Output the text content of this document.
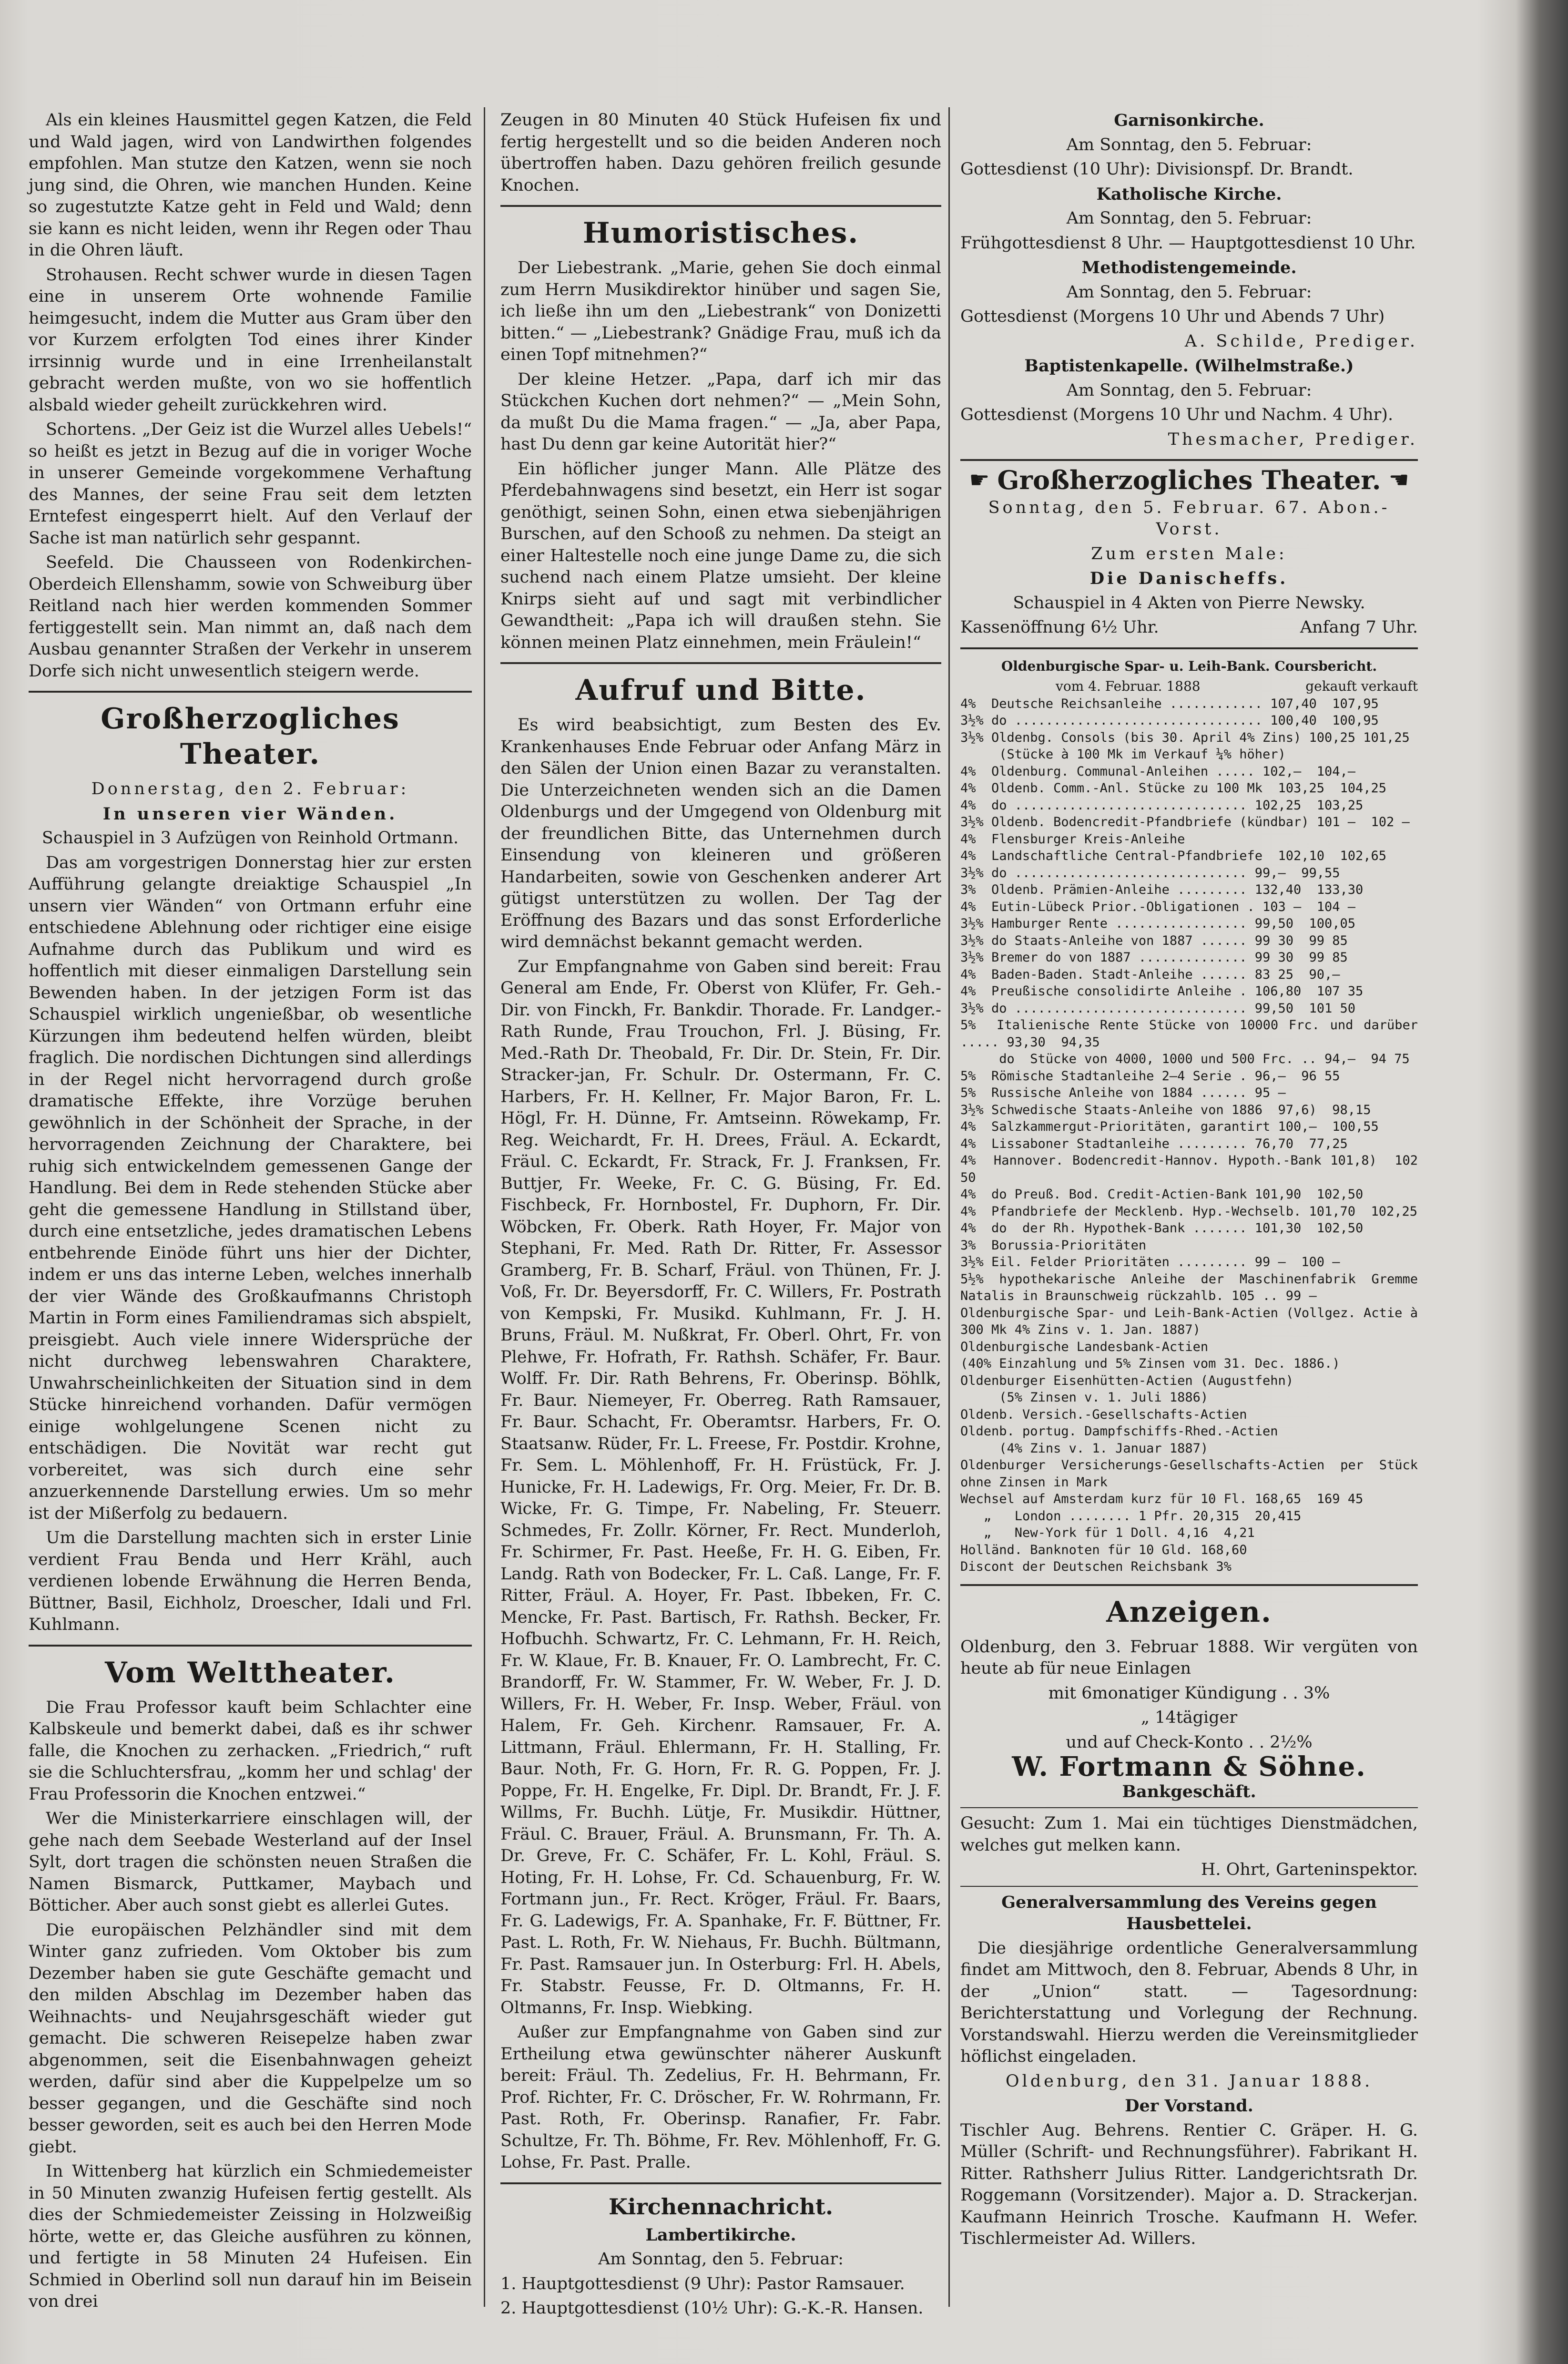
Als ein kleines Hausmittel gegen Katzen, die Feld und Wald jagen, wird von Landwirthen folgendes empfohlen. Man stutze den Katzen, wenn sie noch jung sind, die Ohren, wie manchen Hunden. Keine so zugestutzte Katze geht in Feld und Wald; denn sie kann es nicht leiden, wenn ihr Regen oder Thau in die Ohren läuft.

Strohausen. Recht schwer wurde in diesen Tagen eine in unserem Orte wohnende Familie heimgesucht, indem die Mutter aus Gram über den vor Kurzem erfolgten Tod eines ihrer Kinder irrsinnig wurde und in eine Irrenheilanstalt gebracht werden mußte, von wo sie hoffentlich alsbald wieder geheilt zurückkehren wird.

Schortens. „Der Geiz ist die Wurzel alles Uebels!“ so heißt es jetzt in Bezug auf die in voriger Woche in unserer Gemeinde vorgekommene Verhaftung des Mannes, der seine Frau seit dem letzten Erntefest eingesperrt hielt. Auf den Verlauf der Sache ist man natürlich sehr gespannt.

Seefeld. Die Chausseen von Rodenkirchen-Oberdeich Ellenshamm, sowie von Schweiburg über Reitland nach hier werden kommenden Sommer fertiggestellt sein. Man nimmt an, daß nach dem Ausbau genannter Straßen der Verkehr in unserem Dorfe sich nicht unwesentlich steigern werde.

Großherzogliches Theater.

Donnerstag, den 2. Februar:

In unseren vier Wänden.

Schauspiel in 3 Aufzügen von Reinhold Ortmann.

Das am vorgestrigen Donnerstag hier zur ersten Aufführung gelangte dreiaktige Schauspiel „In unsern vier Wänden“ von Ortmann erfuhr eine entschiedene Ablehnung oder richtiger eine eisige Aufnahme durch das Publikum und wird es hoffentlich mit dieser einmaligen Darstellung sein Bewenden haben. In der jetzigen Form ist das Schauspiel wirklich ungenießbar, ob wesentliche Kürzungen ihm bedeutend helfen würden, bleibt fraglich. Die nordischen Dichtungen sind allerdings in der Regel nicht hervorragend durch große dramatische Effekte, ihre Vorzüge beruhen gewöhnlich in der Schönheit der Sprache, in der hervorragenden Zeichnung der Charaktere, bei ruhig sich entwickelndem gemessenen Gange der Handlung. Bei dem in Rede stehenden Stücke aber geht die gemessene Handlung in Stillstand über, durch eine entsetzliche, jedes dramatischen Lebens entbehrende Einöde führt uns hier der Dichter, indem er uns das interne Leben, welches innerhalb der vier Wände des Großkaufmanns Christoph Martin in Form eines Familiendramas sich abspielt, preisgiebt. Auch viele innere Widersprüche der nicht durchweg lebenswahren Charaktere, Unwahrscheinlichkeiten der Situation sind in dem Stücke hinreichend vorhanden. Dafür vermögen einige wohlgelungene Scenen nicht zu entschädigen. Die Novität war recht gut vorbereitet, was sich durch eine sehr anzuerkennende Darstellung erwies. Um so mehr ist der Mißerfolg zu bedauern.

Um die Darstellung machten sich in erster Linie verdient Frau Benda und Herr Krähl, auch verdienen lobende Erwähnung die Herren Benda, Büttner, Basil, Eichholz, Droescher, Idali und Frl. Kuhlmann.

Vom Welttheater.

Die Frau Professor kauft beim Schlachter eine Kalbskeule und bemerkt dabei, daß es ihr schwer falle, die Knochen zu zerhacken. „Friedrich,“ ruft sie die Schluchtersfrau, „komm her und schlag' der Frau Professorin die Knochen entzwei.“

Wer die Ministerkarriere einschlagen will, der gehe nach dem Seebade Westerland auf der Insel Sylt, dort tragen die schönsten neuen Straßen die Namen Bismarck, Puttkamer, Maybach und Bötticher. Aber auch sonst giebt es allerlei Gutes.

Die europäischen Pelzhändler sind mit dem Winter ganz zufrieden. Vom Oktober bis zum Dezember haben sie gute Geschäfte gemacht und den milden Abschlag im Dezember haben das Weihnachts- und Neujahrsgeschäft wieder gut gemacht. Die schweren Reisepelze haben zwar abgenommen, seit die Eisenbahnwagen geheizt werden, dafür sind aber die Kuppelpelze um so besser gegangen, und die Geschäfte sind noch besser geworden, seit es auch bei den Herren Mode giebt.

In Wittenberg hat kürzlich ein Schmiedemeister in 50 Minuten zwanzig Hufeisen fertig gestellt. Als dies der Schmiedemeister Zeissing in Holzweißig hörte, wette er, das Gleiche ausführen zu können, und fertigte in 58 Minuten 24 Hufeisen. Ein Schmied in Oberlind soll nun darauf hin im Beisein von drei

Zeugen in 80 Minuten 40 Stück Hufeisen fix und fertig hergestellt und so die beiden Anderen noch übertroffen haben. Dazu gehören freilich gesunde Knochen.

Humoristisches.

Der Liebestrank. „Marie, gehen Sie doch einmal zum Herrn Musikdirektor hinüber und sagen Sie, ich ließe ihn um den „Liebestrank“ von Donizetti bitten.“ — „Liebestrank? Gnädige Frau, muß ich da einen Topf mitnehmen?“

Der kleine Hetzer. „Papa, darf ich mir das Stückchen Kuchen dort nehmen?“ — „Mein Sohn, da mußt Du die Mama fragen.“ — „Ja, aber Papa, hast Du denn gar keine Autorität hier?“

Ein höflicher junger Mann. Alle Plätze des Pferdebahnwagens sind besetzt, ein Herr ist sogar genöthigt, seinen Sohn, einen etwa siebenjährigen Burschen, auf den Schooß zu nehmen. Da steigt an einer Haltestelle noch eine junge Dame zu, die sich suchend nach einem Platze umsieht. Der kleine Knirps sieht auf und sagt mit verbindlicher Gewandtheit: „Papa ich will draußen stehn. Sie können meinen Platz einnehmen, mein Fräulein!“

Aufruf und Bitte.

Es wird beabsichtigt, zum Besten des Ev. Krankenhauses Ende Februar oder Anfang März in den Sälen der Union einen Bazar zu veranstalten. Die Unterzeichneten wenden sich an die Damen Oldenburgs und der Umgegend von Oldenburg mit der freundlichen Bitte, das Unternehmen durch Einsendung von kleineren und größeren Handarbeiten, sowie von Geschenken anderer Art gütigst unterstützen zu wollen. Der Tag der Eröffnung des Bazars und das sonst Erforderliche wird demnächst bekannt gemacht werden.

Zur Empfangnahme von Gaben sind bereit: Frau General am Ende, Fr. Oberst von Klüfer, Fr. Geh.-Dir. von Finckh, Fr. Bankdir. Thorade. Fr. Landger.-Rath Runde, Frau Trouchon, Frl. J. Büsing, Fr. Med.-Rath Dr. Theobald, Fr. Dir. Dr. Stein, Fr. Dir. Stracker-jan, Fr. Schulr. Dr. Ostermann, Fr. C. Harbers, Fr. H. Kellner, Fr. Major Baron, Fr. L. Högl, Fr. H. Dünne, Fr. Amtseinn. Röwekamp, Fr. Reg. Weichardt, Fr. H. Drees, Fräul. A. Eckardt, Fräul. C. Eckardt, Fr. Strack, Fr. J. Franksen, Fr. Buttjer, Fr. Weeke, Fr. C. G. Büsing, Fr. Ed. Fischbeck, Fr. Hornbostel, Fr. Duphorn, Fr. Dir. Wöbcken, Fr. Oberk. Rath Hoyer, Fr. Major von Stephani, Fr. Med. Rath Dr. Ritter, Fr. Assessor Gramberg, Fr. B. Scharf, Fräul. von Thünen, Fr. J. Voß, Fr. Dr. Beyersdorff, Fr. C. Willers, Fr. Postrath von Kempski, Fr. Musikd. Kuhlmann, Fr. J. H. Bruns, Fräul. M. Nußkrat, Fr. Oberl. Ohrt, Fr. von Plehwe, Fr. Hofrath, Fr. Rathsh. Schäfer, Fr. Baur. Wolff. Fr. Dir. Rath Behrens, Fr. Oberinsp. Böhlk, Fr. Baur. Niemeyer, Fr. Oberreg. Rath Ramsauer, Fr. Baur. Schacht, Fr. Oberamtsr. Harbers, Fr. O. Staatsanw. Rüder, Fr. L. Freese, Fr. Postdir. Krohne, Fr. Sem. L. Möhlenhoff, Fr. H. Früstück, Fr. J. Hunicke, Fr. H. Ladewigs, Fr. Org. Meier, Fr. Dr. B. Wicke, Fr. G. Timpe, Fr. Nabeling, Fr. Steuerr. Schmedes, Fr. Zollr. Körner, Fr. Rect. Munderloh, Fr. Schirmer, Fr. Past. Heeße, Fr. H. G. Eiben, Fr. Landg. Rath von Bodecker, Fr. L. Caß. Lange, Fr. F. Ritter, Fräul. A. Hoyer, Fr. Past. Ibbeken, Fr. C. Mencke, Fr. Past. Bartisch, Fr. Rathsh. Becker, Fr. Hofbuchh. Schwartz, Fr. C. Lehmann, Fr. H. Reich, Fr. W. Klaue, Fr. B. Knauer, Fr. O. Lambrecht, Fr. C. Brandorff, Fr. W. Stammer, Fr. W. Weber, Fr. J. D. Willers, Fr. H. Weber, Fr. Insp. Weber, Fräul. von Halem, Fr. Geh. Kirchenr. Ramsauer, Fr. A. Littmann, Fräul. Ehlermann, Fr. H. Stalling, Fr. Baur. Noth, Fr. G. Horn, Fr. R. G. Poppen, Fr. J. Poppe, Fr. H. Engelke, Fr. Dipl. Dr. Brandt, Fr. J. F. Willms, Fr. Buchh. Lütje, Fr. Musikdir. Hüttner, Fräul. C. Brauer, Fräul. A. Brunsmann, Fr. Th. A. Dr. Greve, Fr. C. Schäfer, Fr. L. Kohl, Fräul. S. Hoting, Fr. H. Lohse, Fr. Cd. Schauenburg, Fr. W. Fortmann jun., Fr. Rect. Kröger, Fräul. Fr. Baars, Fr. G. Ladewigs, Fr. A. Spanhake, Fr. F. Büttner, Fr. Past. L. Roth, Fr. W. Niehaus, Fr. Buchh. Bültmann, Fr. Past. Ramsauer jun. In Osterburg: Frl. H. Abels, Fr. Stabstr. Feusse, Fr. D. Oltmanns, Fr. H. Oltmanns, Fr. Insp. Wiebking.

Außer zur Empfangnahme von Gaben sind zur Ertheilung etwa gewünschter näherer Auskunft bereit: Fräul. Th. Zedelius, Fr. H. Behrmann, Fr. Prof. Richter, Fr. C. Dröscher, Fr. W. Rohrmann, Fr. Past. Roth, Fr. Oberinsp. Ranafier, Fr. Fabr. Schultze, Fr. Th. Böhme, Fr. Rev. Möhlenhoff, Fr. G. Lohse, Fr. Past. Pralle.

Kirchennachricht.

Lambertikirche.

Am Sonntag, den 5. Februar:

1. Hauptgottesdienst (9 Uhr): Pastor Ramsauer.

2. Hauptgottesdienst (10½ Uhr): G.-K.-R. Hansen.

Garnisonkirche.

Am Sonntag, den 5. Februar:

Gottesdienst (10 Uhr): Divisionspf. Dr. Brandt.

Katholische Kirche.

Am Sonntag, den 5. Februar:

Frühgottesdienst 8 Uhr. — Hauptgottesdienst 10 Uhr.

Methodistengemeinde.

Am Sonntag, den 5. Februar:

Gottesdienst (Morgens 10 Uhr und Abends 7 Uhr)

A. Schilde, Prediger.

Baptistenkapelle. (Wilhelmstraße.)

Am Sonntag, den 5. Februar:

Gottesdienst (Morgens 10 Uhr und Nachm. 4 Uhr).

Thesmacher, Prediger.

☛ Großherzogliches Theater. ☚

Sonntag, den 5. Februar. 67. Abon.-Vorst.

Zum ersten Male:

Die Danischeffs.

Schauspiel in 4 Akten von Pierre Newsky.

Kassenöffnung 6½ Uhr.	Anfang 7 Uhr.

Oldenburgische Spar- u. Leih-Bank. Coursbericht.

vom 4. Februar. 1888	gekauft verkauft
4%  Deutsche Reichsanleihe ............ 107,40  107,95
3½% do ................................ 100,40  100,95
3½% Oldenbg. Consols (bis 30. April 4% Zins) 100,25 101,25
(Stücke à 100 Mk im Verkauf ¼% höher)
4%  Oldenburg. Communal-Anleihen ..... 102,—  104,—
4%  Oldenb. Comm.-Anl. Stücke zu 100 Mk  103,25  104,25
4%  do .............................. 102,25  103,25
3½% Oldenb. Bodencredit-Pfandbriefe (kündbar) 101 —  102 —
4%  Flensburger Kreis-Anleihe
4%  Landschaftliche Central-Pfandbriefe  102,10  102,65
3½% do .............................. 99,—  99,55
3%  Oldenb. Prämien-Anleihe ......... 132,40  133,30
4%  Eutin-Lübeck Prior.-Obligationen . 103 —  104 —
3½% Hamburger Rente ................. 99,50  100,05
3½% do Staats-Anleihe von 1887 ...... 99 30  99 85
3½% Bremer do von 1887 .............. 99 30  99 85
4%  Baden-Baden. Stadt-Anleihe ...... 83 25  90,—
4%  Preußische consolidirte Anleihe . 106,80  107 35
3½% do .............................. 99,50  101 50
5%  Italienische Rente Stücke von 10000 Frc. und darüber ..... 93,30  94,35
do  Stücke von 4000, 1000 und 500 Frc. .. 94,—  94 75
5%  Römische Stadtanleihe 2—4 Serie . 96,—  96 55
5%  Russische Anleihe von 1884 ...... 95 —
3½% Schwedische Staats-Anleihe von 1886  97,6)  98,15
4%  Salzkammergut-Prioritäten, garantirt 100,—  100,55
4%  Lissaboner Stadtanleihe ......... 76,70  77,25
4%  Hannover. Bodencredit-Hannov. Hypoth.-Bank 101,8)  102 50
4%  do Preuß. Bod. Credit-Actien-Bank 101,90  102,50
4%  Pfandbriefe der Mecklenb. Hyp.-Wechselb. 101,70  102,25
4%  do  der Rh. Hypothek-Bank ....... 101,30  102,50
3%  Borussia-Prioritäten
3½% Eil. Felder Prioritäten ......... 99 —  100 —
5½% hypothekarische Anleihe der Maschinenfabrik Gremme Natalis in Braunschweig rückzahlb. 105 .. 99 —
Oldenburgische Spar- und Leih-Bank-Actien (Vollgez. Actie à 300 Mk 4% Zins v. 1. Jan. 1887)
Oldenburgische Landesbank-Actien
(40% Einzahlung und 5% Zinsen vom 31. Dec. 1886.)
Oldenburger Eisenhütten-Actien (Augustfehn)
(5% Zinsen v. 1. Juli 1886)
Oldenb. Versich.-Gesellschafts-Actien
Oldenb. portug. Dampfschiffs-Rhed.-Actien
(4% Zins v. 1. Januar 1887)
Oldenburger Versicherungs-Gesellschafts-Actien per Stück ohne Zinsen in Mark
Wechsel auf Amsterdam kurz für 10 Fl. 168,65  169 45
„   London ........ 1 Pfr. 20,315  20,415
„   New-York für 1 Doll. 4,16  4,21
Holländ. Banknoten für 10 Gld. 168,60
Discont der Deutschen Reichsbank 3%
Anzeigen.

Oldenburg, den 3. Februar 1888. Wir vergüten von heute ab für neue Einlagen

mit 6monatiger Kündigung . . 3%

„ 14tägiger

und auf Check-Konto . . 2½%

W. Fortmann & Söhne.

Bankgeschäft.

Gesucht: Zum 1. Mai ein tüchtiges Dienstmädchen, welches gut melken kann.

H. Ohrt, Garteninspektor.

Generalversammlung des Vereins gegen Hausbettelei.

Die diesjährige ordentliche Generalversammlung findet am Mittwoch, den 8. Februar, Abends 8 Uhr, in der „Union“ statt. — Tagesordnung: Berichterstattung und Vorlegung der Rechnung. Vorstandswahl. Hierzu werden die Vereinsmitglieder höflichst eingeladen.

Oldenburg, den 31. Januar 1888.

Der Vorstand.

Tischler Aug. Behrens. Rentier C. Gräper. H. G. Müller (Schrift- und Rechnungsführer). Fabrikant H. Ritter. Rathsherr Julius Ritter. Landgerichtsrath Dr. Roggemann (Vorsitzender). Major a. D. Strackerjan. Kaufmann Heinrich Trosche. Kaufmann H. Wefer. Tischlermeister Ad. Willers.
